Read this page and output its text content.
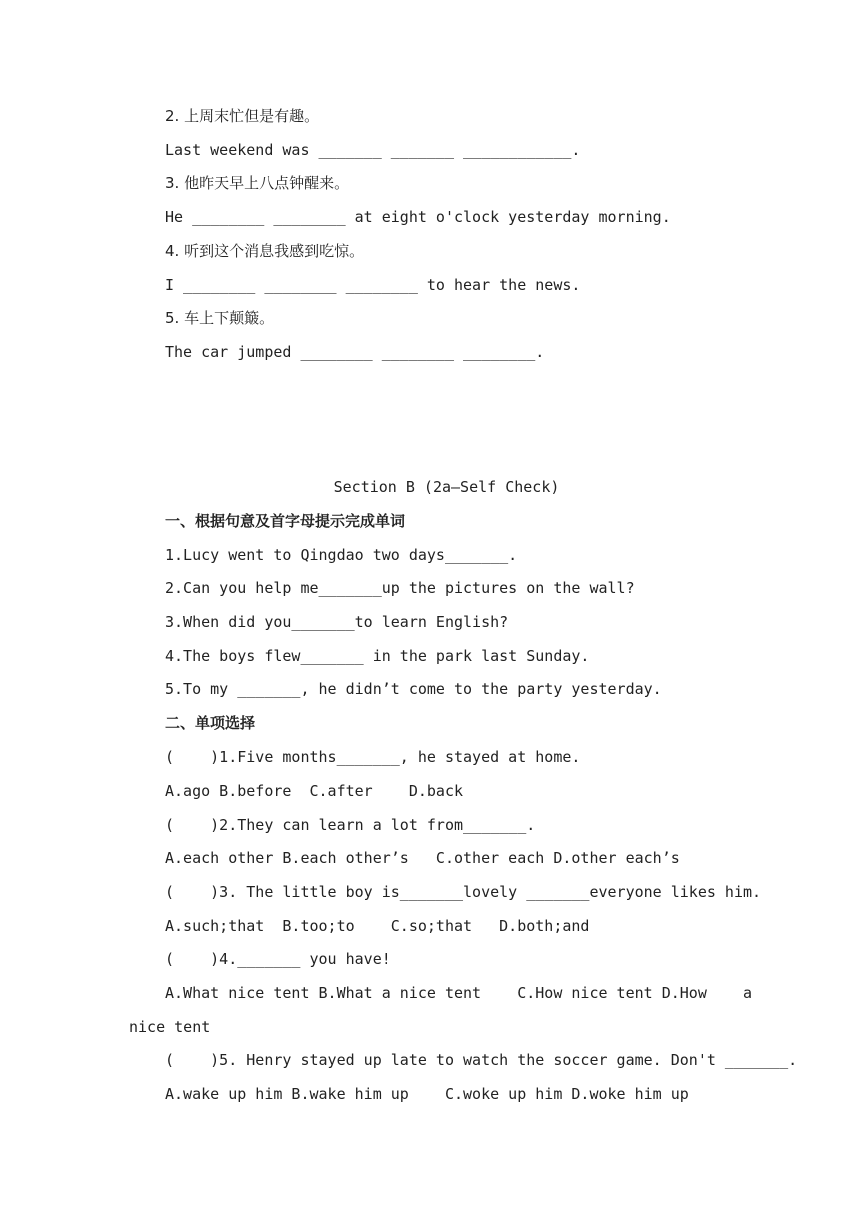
2. 上周末忙但是有趣。
Last weekend was _______ _______ ____________.
3. 他昨天早上八点钟醒来。
He ________ ________ at eight o'clock yesterday morning.
4. 听到这个消息我感到吃惊。
I ________ ________ ________ to hear the news.
5. 车上下颠簸。
The car jumped ________ ________ ________.
Section B (2a—Self Check)
一、根据句意及首字母提示完成单词
1.Lucy went to Qingdao two days_______.
2.Can you help me_______up the pictures on the wall?
3.When did you_______to learn English?
4.The boys flew_______ in the park last Sunday.
5.To my _______, he didn’t come to the party yesterday.
二、单项选择
(    )1.Five months_______, he stayed at home.
A.ago B.before  C.after    D.back
(    )2.They can learn a lot from_______.
A.each other B.each other’s   C.other each D.other each’s
(    )3. The little boy is_______lovely _______everyone likes him.
A.such;that  B.too;to    C.so;that   D.both;and
(    )4._______ you have!
A.What nice tent B.What a nice tent    C.How nice tent D.How    a
nice tent
(    )5. Henry stayed up late to watch the soccer game. Don't _______.
A.wake up him B.wake him up    C.woke up him D.woke him up
